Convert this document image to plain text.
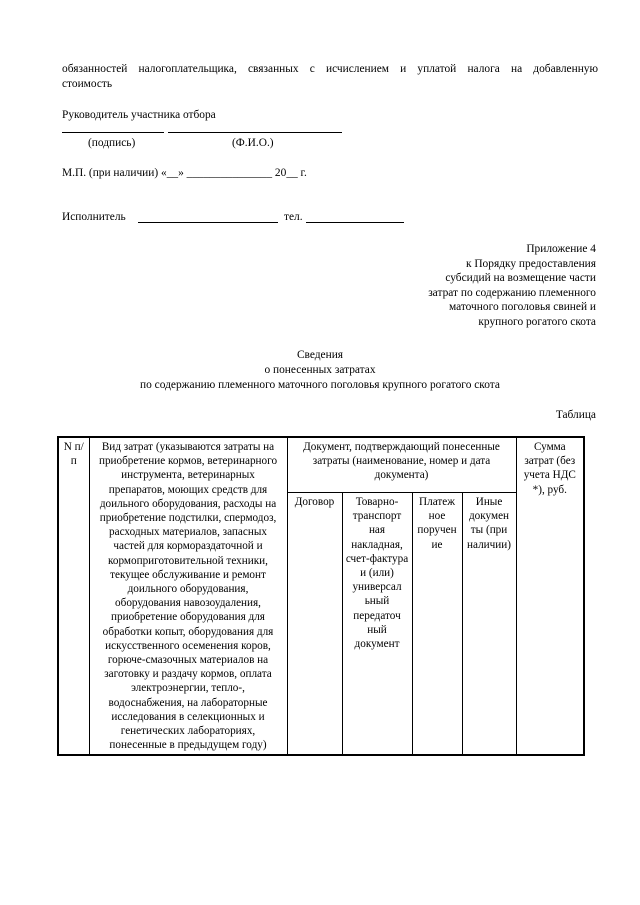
обязанностей налогоплательщика, связанных с исчислением и уплатой налога на добавленную
стоимость
Руководитель участника отбора
(подпись)	(Ф.И.О.)
М.П. (при наличии) «__» _______________ 20__ г.
Исполнитель	тел.
Приложение 4
к Порядку предоставления
субсидий на возмещение части
затрат по содержанию племенного
маточного поголовья свиней и
крупного рогатого скота
Сведения
о понесенных затратах
по содержанию племенного маточного поголовья крупного рогатого скота
Таблица
N п/п	Вид затрат (указываются затраты на приобретение кормов, ветеринарного инструмента, ветеринарных препаратов, моющих средств для доильного оборудования, расходы на приобретение подстилки, спермодоз, расходных материалов, запасных частей для кормораздаточной и кормоприготовительной техники, текущее обслуживание и ремонт доильного оборудования, оборудования навозоудаления, приобретение оборудования для обработки копыт, оборудования для искусственного осеменения коров, горюче-смазочных материалов на заготовку и раздачу кормов, оплата электроэнергии, тепло-, водоснабжения, на лабораторные исследования в селекционных и генетических лабораториях, понесенные в предыдущем году)	Документ, подтверждающий понесенные затраты (наименование, номер и дата документа)				Сумма затрат (без учета НДС *), руб.
		Договор	Товарно-транспорт ная накладная, счет-фактура и (или) универсал ьный передаточ ный документ	Платеж ное поручен ие	Иные докумен ты (при наличии)	
